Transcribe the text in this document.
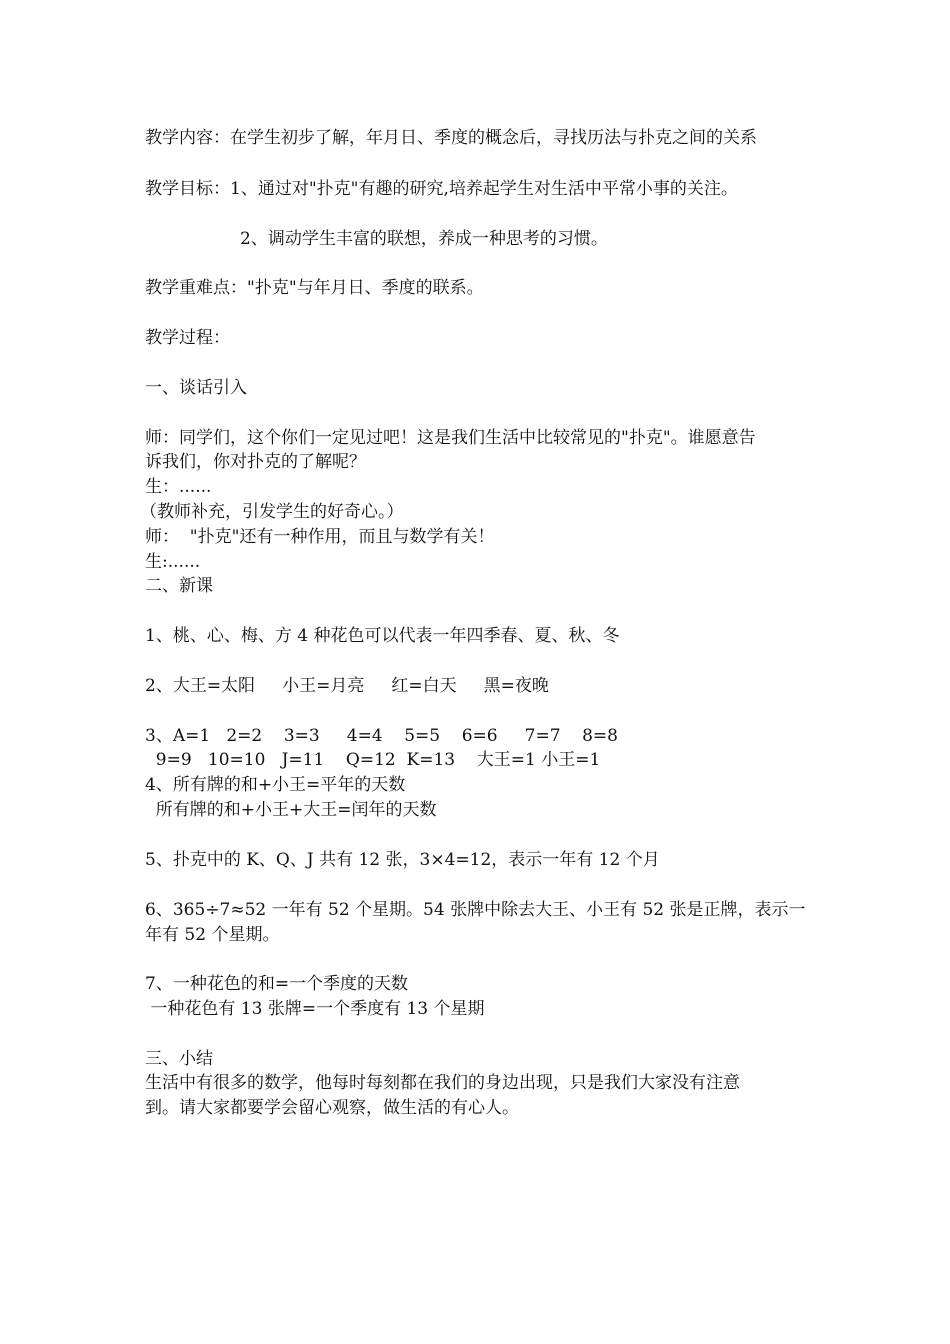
教学内容：在学生初步了解，年月日、季度的概念后，寻找历法与扑克之间的关系
教学目标：1、通过对"扑克"有趣的研究,培养起学生对生活中平常小事的关注。
2、调动学生丰富的联想，养成一种思考的习惯。
教学重难点："扑克"与年月日、季度的联系。
教学过程：
一、谈话引入
师：同学们，这个你们一定见过吧！这是我们生活中比较常见的"扑克"。谁愿意告
诉我们，你对扑克的了解呢？
生：......
（教师补充，引发学生的好奇心。）
师：  "扑克"还有一种作用，而且与数学有关！
生:......
二、新课
1、桃、心、梅、方 4 种花色可以代表一年四季春、夏、秋、冬
2、大王=太阳     小王=月亮     红=白天     黑=夜晚
3、A=1   2=2    3=3     4=4    5=5    6=6     7=7    8=8
9=9   10=10   J=11    Q=12  K=13    大王=1 小王=1
4、所有牌的和+小王=平年的天数
所有牌的和+小王+大王=闰年的天数
5、扑克中的 K、Q、J 共有 12 张，3×4=12，表示一年有 12 个月
6、365÷7≈52 一年有 52 个星期。54 张牌中除去大王、小王有 52 张是正牌，表示一
年有 52 个星期。
7、一种花色的和=一个季度的天数
一种花色有 13 张牌=一个季度有 13 个星期
三、小结
生活中有很多的数学，他每时每刻都在我们的身边出现，只是我们大家没有注意
到。请大家都要学会留心观察，做生活的有心人。
